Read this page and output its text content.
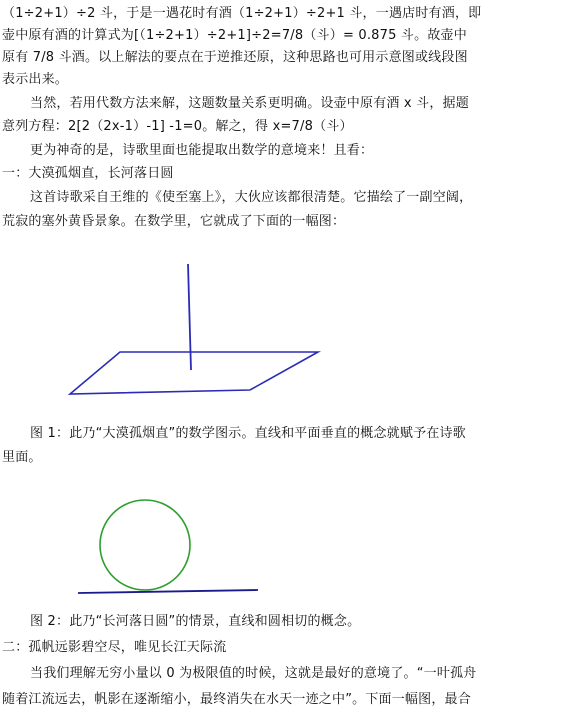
（1÷2+1）÷2 斗，于是一遇花时有酒（1÷2+1）÷2+1 斗，一遇店时有酒，即
壶中原有酒的计算式为[（1÷2+1）÷2+1]÷2=7/8（斗）= 0.875 斗。故壶中
原有 7/8 斗酒。以上解法的要点在于逆推还原，这种思路也可用示意图或线段图
表示出来。
当然，若用代数方法来解，这题数量关系更明确。设壶中原有酒 x 斗，据题
意列方程：2[2（2x-1）-1] -1=0。解之，得 x=7/8（斗）
更为神奇的是，诗歌里面也能提取出数学的意境来！且看：
一：大漠孤烟直，长河落日圆
这首诗歌采自王维的《使至塞上》，大伙应该都很清楚。它描绘了一副空阔，
荒寂的塞外黄昏景象。在数学里，它就成了下面的一幅图：
图 1：此乃“大漠孤烟直”的数学图示。直线和平面垂直的概念就赋予在诗歌
里面。
图 2：此乃“长河落日圆”的情景，直线和圆相切的概念。
二：孤帆远影碧空尽，唯见长江天际流
当我们理解无穷小量以 0 为极限值的时候，这就是最好的意境了。“一叶孤舟
随着江流远去，帆影在逐渐缩小，最终消失在水天一迹之中”。下面一幅图，最合
